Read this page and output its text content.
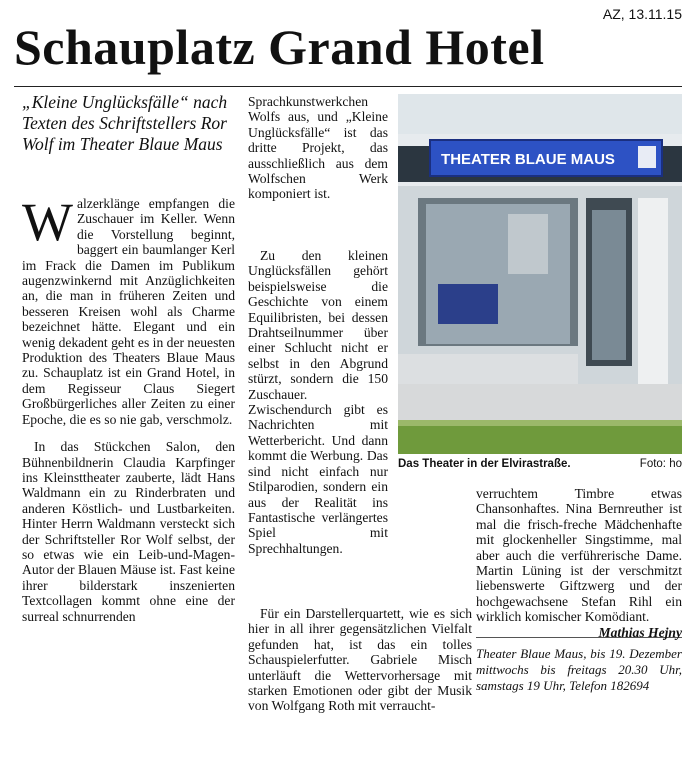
AZ, 13.11.15
Schauplatz Grand Hotel
„Kleine Unglücksfälle“ nach Texten des Schriftstellers Ror Wolf im Theater Blaue Maus

Walzerklänge empfangen die Zuschauer im Keller. Wenn die Vorstellung beginnt, baggert ein baumlanger Kerl im Frack die Damen im Publikum augenzwinkernd mit Anzüglichkeiten an, die man in früheren Zeiten und besseren Kreisen wohl als Charme bezeichnet hätte. Elegant und ein wenig dekadent geht es in der neuesten Produktion des Theaters Blaue Maus zu. Schauplatz ist ein Grand Hotel, in dem Regisseur Claus Siegert Großbürgerliches aller Zeiten zu einer Epoche, die es so nie gab, verschmolz.

In das Stückchen Salon, den Bühnenbildnerin Claudia Karpfinger ins Kleinsttheater zauberte, lädt Hans Waldmann ein zu Rinderbraten und anderen Köstlich- und Lustbarkeiten. Hinter Herrn Waldmann versteckt sich der Schriftsteller Ror Wolf selbst, der so etwas wie ein Leib-und-Magen-Autor der Blauen Mäuse ist. Fast keine ihrer bilderstark inszenierten Textcollagen kommt ohne eine der surreal schnurrenden

Sprachkunstwerkchen Wolfs aus, und „Kleine Unglücksfälle“ ist das dritte Projekt, das ausschließlich aus dem Wolfschen Werk komponiert ist.

Zu den kleinen Unglücksfällen gehört beispielsweise die Geschichte von einem Equilibristen, bei dessen Drahtseilnummer über einer Schlucht nicht er selbst in den Abgrund stürzt, sondern die 150 Zuschauer. Zwischendurch gibt es Nachrichten mit Wetterbericht. Und dann kommt die Werbung. Das sind nicht einfach nur Stilparodien, sondern ein aus der Realität ins Fantastische verlängertes Spiel mit Sprechhaltungen.

Für ein Darstellerquartett, wie es sich hier in all ihrer gegensätzlichen Vielfalt gefunden hat, ist das ein tolles Schauspielerfutter. Gabriele Misch unterläuft die Wettervorhersage mit starken Emotionen oder gibt der Musik von Wolfgang Roth mit verraucht-

THEATER BLAUE MAUS
Das Theater in der Elvirastraße.	Foto: ho

verruchtem Timbre etwas Chansonhaftes. Nina Bernreuther ist mal die frisch-freche Mädchenhafte mit glockenheller Singstimme, mal aber auch die verführerische Dame. Martin Lüning ist der verschmitzt liebenswerte Giftzwerg und der hochgewachsene Stefan Rihl ein wirklich komischer Komödiant.
Mathias Hejny

Theater Blaue Maus, bis 19. Dezember mittwochs bis freitags 20.30 Uhr, samstags 19 Uhr, Telefon 182694
